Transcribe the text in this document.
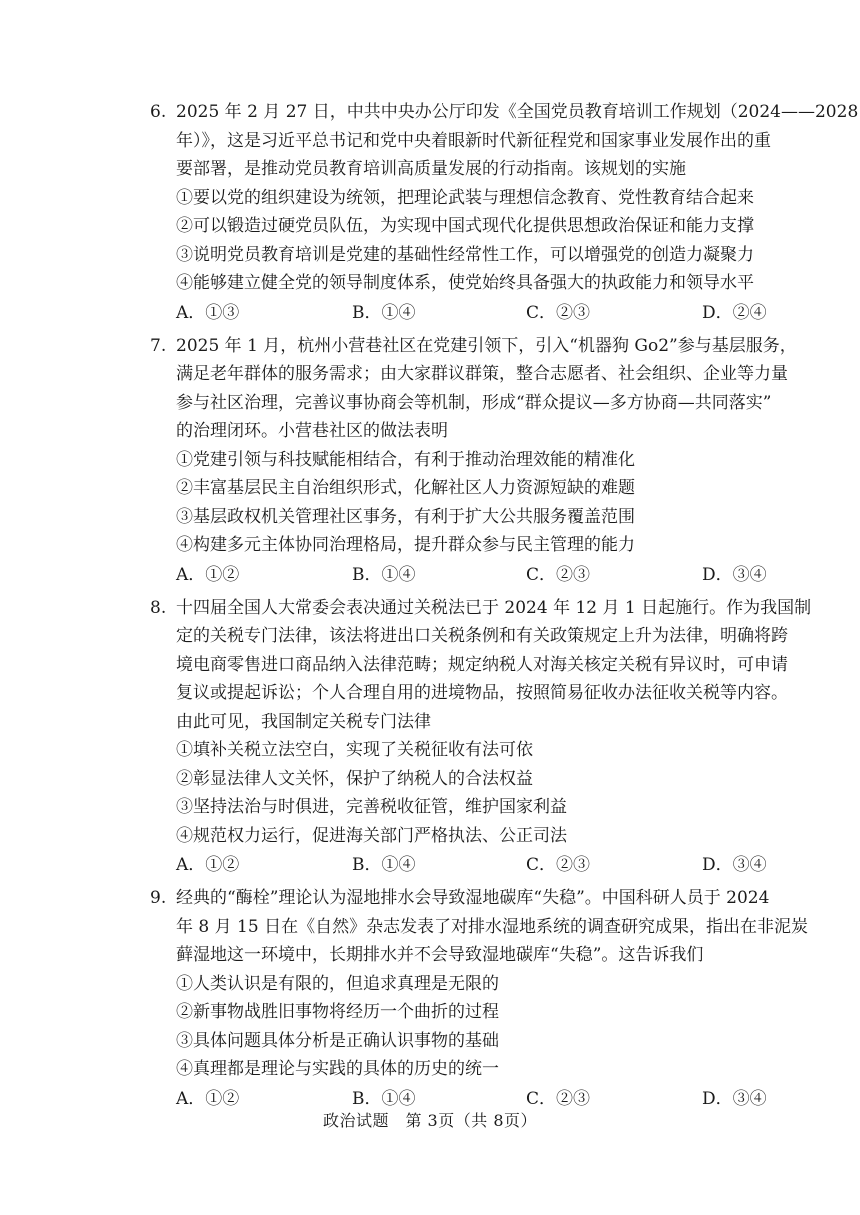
6. 2025 年 2 月 27 日，中共中央办公厅印发《全国党员教育培训工作规划（2024——2028
年）》，这是习近平总书记和党中央着眼新时代新征程党和国家事业发展作出的重
要部署，是推动党员教育培训高质量发展的行动指南。该规划的实施
①要以党的组织建设为统领，把理论武装与理想信念教育、党性教育结合起来
②可以锻造过硬党员队伍，为实现中国式现代化提供思想政治保证和能力支撑
③说明党员教育培训是党建的基础性经常性工作，可以增强党的创造力凝聚力
④能够建立健全党的领导制度体系，使党始终具备强大的执政能力和领导水平
A．①③	B．①④	C．②③	D．②④
7. 2025 年 1 月，杭州小营巷社区在党建引领下，引入“机器狗 Go2”参与基层服务，
满足老年群体的服务需求；由大家群议群策，整合志愿者、社会组织、企业等力量
参与社区治理，完善议事协商会等机制，形成“群众提议—多方协商—共同落实”
的治理闭环。小营巷社区的做法表明
①党建引领与科技赋能相结合，有利于推动治理效能的精准化
②丰富基层民主自治组织形式，化解社区人力资源短缺的难题
③基层政权机关管理社区事务，有利于扩大公共服务覆盖范围
④构建多元主体协同治理格局，提升群众参与民主管理的能力
A．①②	B．①④	C．②③	D．③④
8. 十四届全国人大常委会表决通过关税法已于 2024 年 12 月 1 日起施行。作为我国制
定的关税专门法律，该法将进出口关税条例和有关政策规定上升为法律，明确将跨
境电商零售进口商品纳入法律范畴；规定纳税人对海关核定关税有异议时，可申请
复议或提起诉讼；个人合理自用的进境物品，按照简易征收办法征收关税等内容。
由此可见，我国制定关税专门法律
①填补关税立法空白，实现了关税征收有法可依
②彰显法律人文关怀，保护了纳税人的合法权益
③坚持法治与时俱进，完善税收征管，维护国家利益
④规范权力运行，促进海关部门严格执法、公正司法
A．①②	B．①④	C．②③	D．③④
9. 经典的“酶栓”理论认为湿地排水会导致湿地碳库“失稳”。中国科研人员于 2024
年 8 月 15 日在《自然》杂志发表了对排水湿地系统的调查研究成果，指出在非泥炭
藓湿地这一环境中，长期排水并不会导致湿地碳库“失稳”。这告诉我们
①人类认识是有限的，但追求真理是无限的
②新事物战胜旧事物将经历一个曲折的过程
③具体问题具体分析是正确认识事物的基础
④真理都是理论与实践的具体的历史的统一
A．①②	B．①④	C．②③	D．③④
政治试题　第 3页（共 8页）
